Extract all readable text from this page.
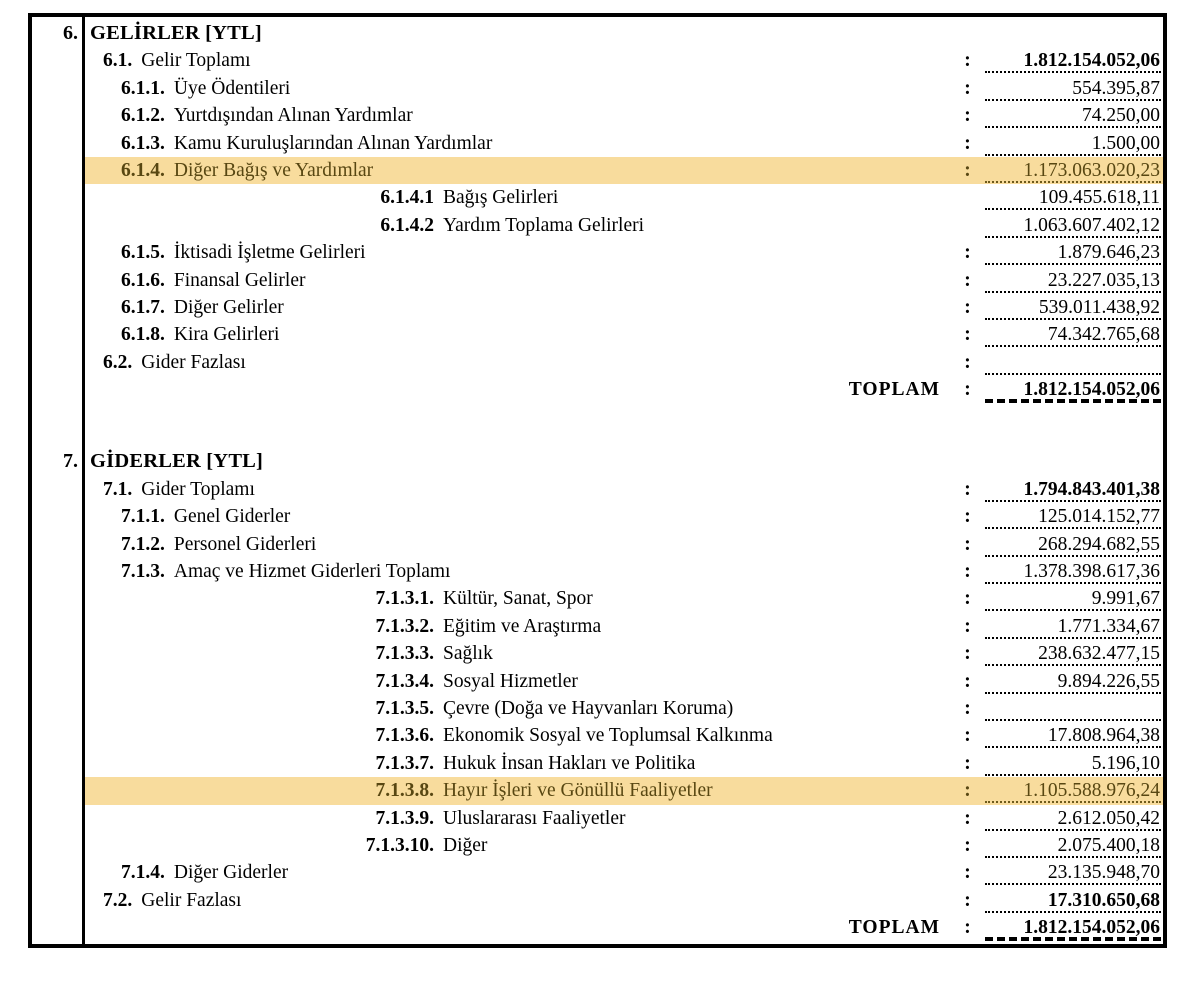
6. GELİRLER [YTL]
6.1. Gelir Toplamı	:	1.812.154.052,06
6.1.1. Üye Ödentileri	:	554.395,87
6.1.2. Yurtdışından Alınan Yardımlar	:	74.250,00
6.1.3. Kamu Kuruluşlarından Alınan Yardımlar	:	1.500,00
6.1.4. Diğer Bağış ve Yardımlar	:	1.173.063.020,23
6.1.4.1 Bağış Gelirleri	109.455.618,11
6.1.4.2 Yardım Toplama Gelirleri	1.063.607.402,12
6.1.5. İktisadi İşletme Gelirleri	:	1.879.646,23
6.1.6. Finansal Gelirler	:	23.227.035,13
6.1.7. Diğer Gelirler	:	539.011.438,92
6.1.8. Kira Gelirleri	:	74.342.765,68
6.2. Gider Fazlası	:

TOPLAM	:	1.812.154.052,06
7. GİDERLER [YTL]
7.1. Gider Toplamı	:	1.794.843.401,38
7.1.1. Genel Giderler	:	125.014.152,77
7.1.2. Personel Giderleri	:	268.294.682,55
7.1.3. Amaç ve Hizmet Giderleri Toplamı	:	1.378.398.617,36
7.1.3.1. Kültür, Sanat, Spor	:	9.991,67
7.1.3.2. Eğitim ve Araştırma	:	1.771.334,67
7.1.3.3. Sağlık	:	238.632.477,15
7.1.3.4. Sosyal Hizmetler	:	9.894.226,55
7.1.3.5. Çevre (Doğa ve Hayvanları Koruma)	:

7.1.3.6. Ekonomik Sosyal ve Toplumsal Kalkınma	:	17.808.964,38
7.1.3.7. Hukuk İnsan Hakları ve Politika	:	5.196,10
7.1.3.8. Hayır İşleri ve Gönüllü Faaliyetler	:	1.105.588.976,24
7.1.3.9. Uluslararası Faaliyetler	:	2.612.050,42
7.1.3.10. Diğer	:	2.075.400,18
7.1.4. Diğer Giderler	:	23.135.948,70
7.2. Gelir Fazlası	:	17.310.650,68
TOPLAM	:	1.812.154.052,06
